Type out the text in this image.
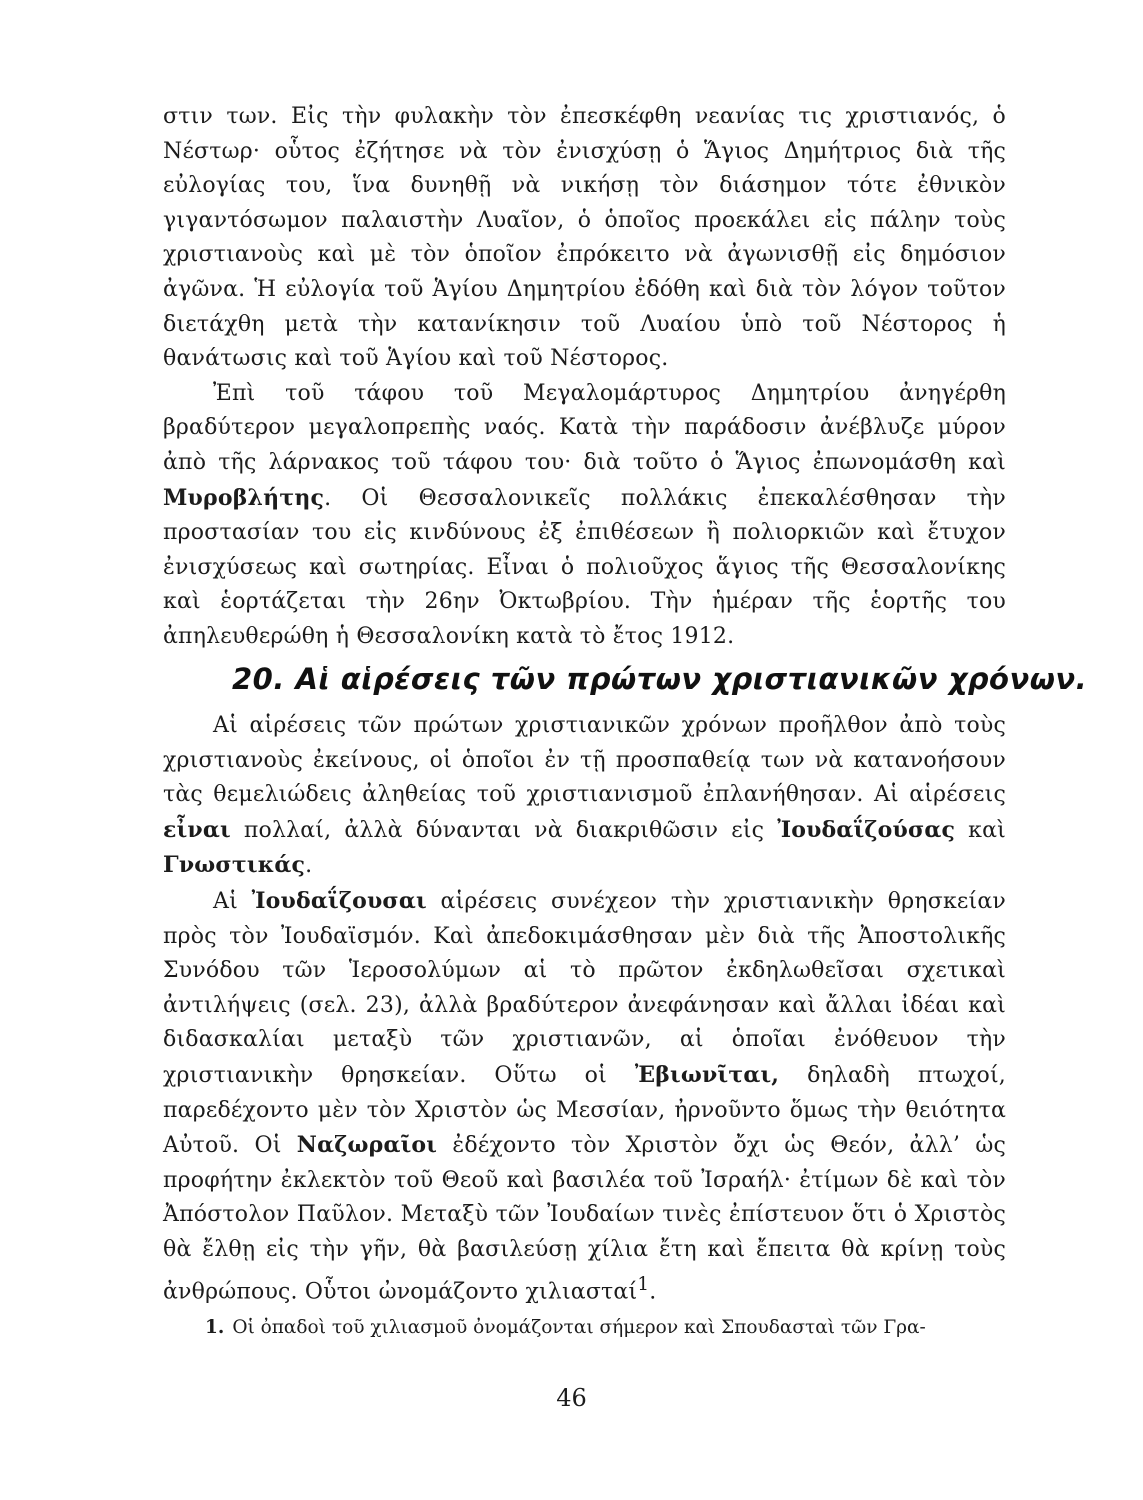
στιν των. Εἰς τὴν φυλακὴν τὸν ἐπεσκέφθη νεανίας τις χριστιανός, ὁ Νέστωρ· οὗτος ἐζήτησε νὰ τὸν ἐνισχύσῃ ὁ Ἅγιος Δημήτριος διὰ τῆς εὐλογίας του, ἵνα δυνηθῇ νὰ νικήσῃ τὸν διάσημον τότε ἐθνικὸν γιγαντόσωμον παλαιστὴν Λυαῖον, ὁ ὁποῖος προεκάλει εἰς πάλην τοὺς χριστιανοὺς καὶ μὲ τὸν ὁποῖον ἐπρόκειτο νὰ ἀγωνισθῇ εἰς δημόσιον ἀγῶνα. Ἡ εὐλογία τοῦ Ἁγίου Δημητρίου ἐδόθη καὶ διὰ τὸν λόγον τοῦτον διετάχθη μετὰ τὴν κατανίκησιν τοῦ Λυαίου ὑπὸ τοῦ Νέστορος ἡ θανάτωσις καὶ τοῦ Ἁγίου καὶ τοῦ Νέστορος.

Ἐπὶ τοῦ τάφου τοῦ Μεγαλομάρτυρος Δημητρίου ἀνηγέρθη βραδύτερον μεγαλοπρεπὴς ναός. Κατὰ τὴν παράδοσιν ἀνέβλυζε μύρον ἀπὸ τῆς λάρνακος τοῦ τάφου του· διὰ τοῦτο ὁ Ἅγιος ἐπωνομάσθη καὶ Μυροβλήτης. Οἱ Θεσσαλονικεῖς πολλάκις ἐπεκαλέσθησαν τὴν προστασίαν του εἰς κινδύνους ἐξ ἐπιθέσεων ἢ πολιορκιῶν καὶ ἔτυχον ἐνισχύσεως καὶ σωτηρίας. Εἶναι ὁ πολιοῦχος ἅγιος τῆς Θεσσαλονίκης καὶ ἑορτάζεται τὴν 26ην Ὀκτωβρίου. Τὴν ἡμέραν τῆς ἑορτῆς του ἀπηλευθερώθη ἡ Θεσσαλονίκη κατὰ τὸ ἔτος 1912.

20. Αἱ αἱρέσεις τῶν πρώτων χριστιανικῶν χρόνων.

Αἱ αἱρέσεις τῶν πρώτων χριστιανικῶν χρόνων προῆλθον ἀπὸ τοὺς χριστιανοὺς ἐκείνους, οἱ ὁποῖοι ἐν τῇ προσπαθείᾳ των νὰ κατανοήσουν τὰς θεμελιώδεις ἀληθείας τοῦ χριστιανισμοῦ ἐπλανήθησαν. Αἱ αἱρέσεις εἶναι πολλαί, ἀλλὰ δύνανται νὰ διακριθῶσιν εἰς Ἰουδαΐζούσας καὶ Γνωστικάς.

Αἱ Ἰουδαΐζουσαι αἱρέσεις συνέχεον τὴν χριστιανικὴν θρησκείαν πρὸς τὸν Ἰουδαϊσμόν. Καὶ ἀπεδοκιμάσθησαν μὲν διὰ τῆς Ἀποστολικῆς Συνόδου τῶν Ἱεροσολύμων αἱ τὸ πρῶτον ἐκδηλωθεῖσαι σχετικαὶ ἀντιλήψεις (σελ. 23), ἀλλὰ βραδύτερον ἀνεφάνησαν καὶ ἄλλαι ἰδέαι καὶ διδασκαλίαι μεταξὺ τῶν χριστιανῶν, αἱ ὁποῖαι ἐνόθευον τὴν χριστιανικὴν θρησκείαν. Οὕτω οἱ Ἐβιωνῖται, δηλαδὴ πτωχοί, παρεδέχοντο μὲν τὸν Χριστὸν ὡς Μεσσίαν, ἠρνοῦντο ὅμως τὴν θειότητα Αὐτοῦ. Οἱ Ναζωραῖοι ἐδέχοντο τὸν Χριστὸν ὄχι ὡς Θεόν, ἀλλ’ ὡς προφήτην ἐκλεκτὸν τοῦ Θεοῦ καὶ βασιλέα τοῦ Ἰσραήλ· ἐτίμων δὲ καὶ τὸν Ἀπόστολον Παῦλον. Μεταξὺ τῶν Ἰουδαίων τινὲς ἐπίστευον ὅτι ὁ Χριστὸς θὰ ἔλθῃ εἰς τὴν γῆν, θὰ βασιλεύσῃ χίλια ἔτη καὶ ἔπειτα θὰ κρίνῃ τοὺς ἀνθρώπους. Οὗτοι ὠνομάζοντο χιλιασταί$^1$.

1. Οἱ ὀπαδοὶ τοῦ χιλιασμοῦ ὀνομάζονται σήμερον καὶ Σπουδασταὶ τῶν Γρα-

46
